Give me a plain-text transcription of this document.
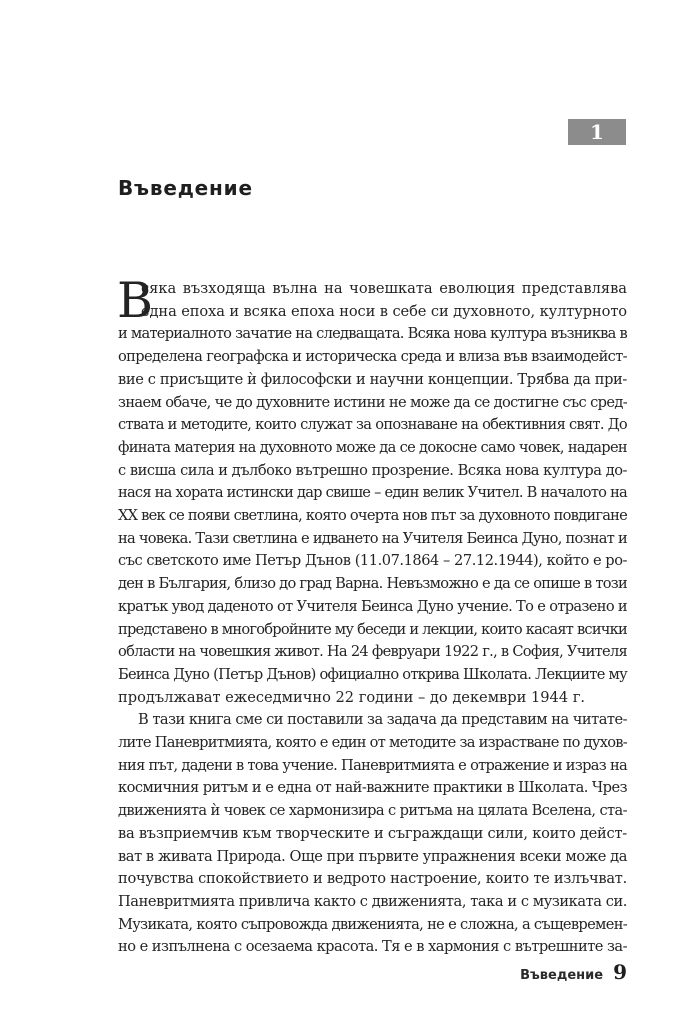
1
Въведение
В
сяка възходяща вълна на човешката еволюция представлява
една епоха и всяка епоха носи в себе си духовното, културното
и материалното зачатие на следващата. Всяка нова култура възниква в
определена географска и историческа среда и влиза във взаимодейст-
вие с присъщите ѝ философски и научни концепции. Трябва да при-
знаем обаче, че до духовните истини не може да се достигне със сред-
ствата и методите, които служат за опознаване на обективния свят. До
фината материя на духовното може да се докосне само човек, надарен
с висша сила и дълбоко вътрешно прозрение. Всяка нова култура до-
нася на хората истински дар свише – един велик Учител. В началото на
XX век се появи светлина, която очерта нов път за духовното повдигане
на човека. Тази светлина е идването на Учителя Беинса Дуно, познат и
със светското име Петър Дънов (11.07.1864 – 27.12.1944), който е ро-
ден в България, близо до град Варна. Невъзможно е да се опише в този
кратък увод даденото от Учителя Беинса Дуно учение. То е отразено и
представено в многобройните му беседи и лекции, които касаят всички
области на човешкия живот. На 24 февруари 1922 г., в София, Учителя
Беинса Дуно (Петър Дънов) официално открива Школата. Лекциите му
продължават ежеседмично 22 години – до декември 1944 г.
В тази книга сме си поставили за задача да представим на читате-
лите Паневритмията, която е един от методите за израстване по духов-
ния път, дадени в това учение. Паневритмията е отражение и израз на
космичния ритъм и е една от най-важните практики в Школата. Чрез
движенията ѝ човек се хармонизира с ритъма на цялата Вселена, ста-
ва възприемчив към творческите и съграждащи сили, които дейст-
ват в живата Природа. Още при първите упражнения всеки може да
почувства спокойствието и ведрото настроение, които те излъчват.
Паневритмията привлича както с движенията, така и с музиката си.
Музиката, която съпровожда движенията, не е сложна, а същевремен-
но е изпълнена с осезаема красота. Тя е в хармония с вътрешните за-
Въведение 9
